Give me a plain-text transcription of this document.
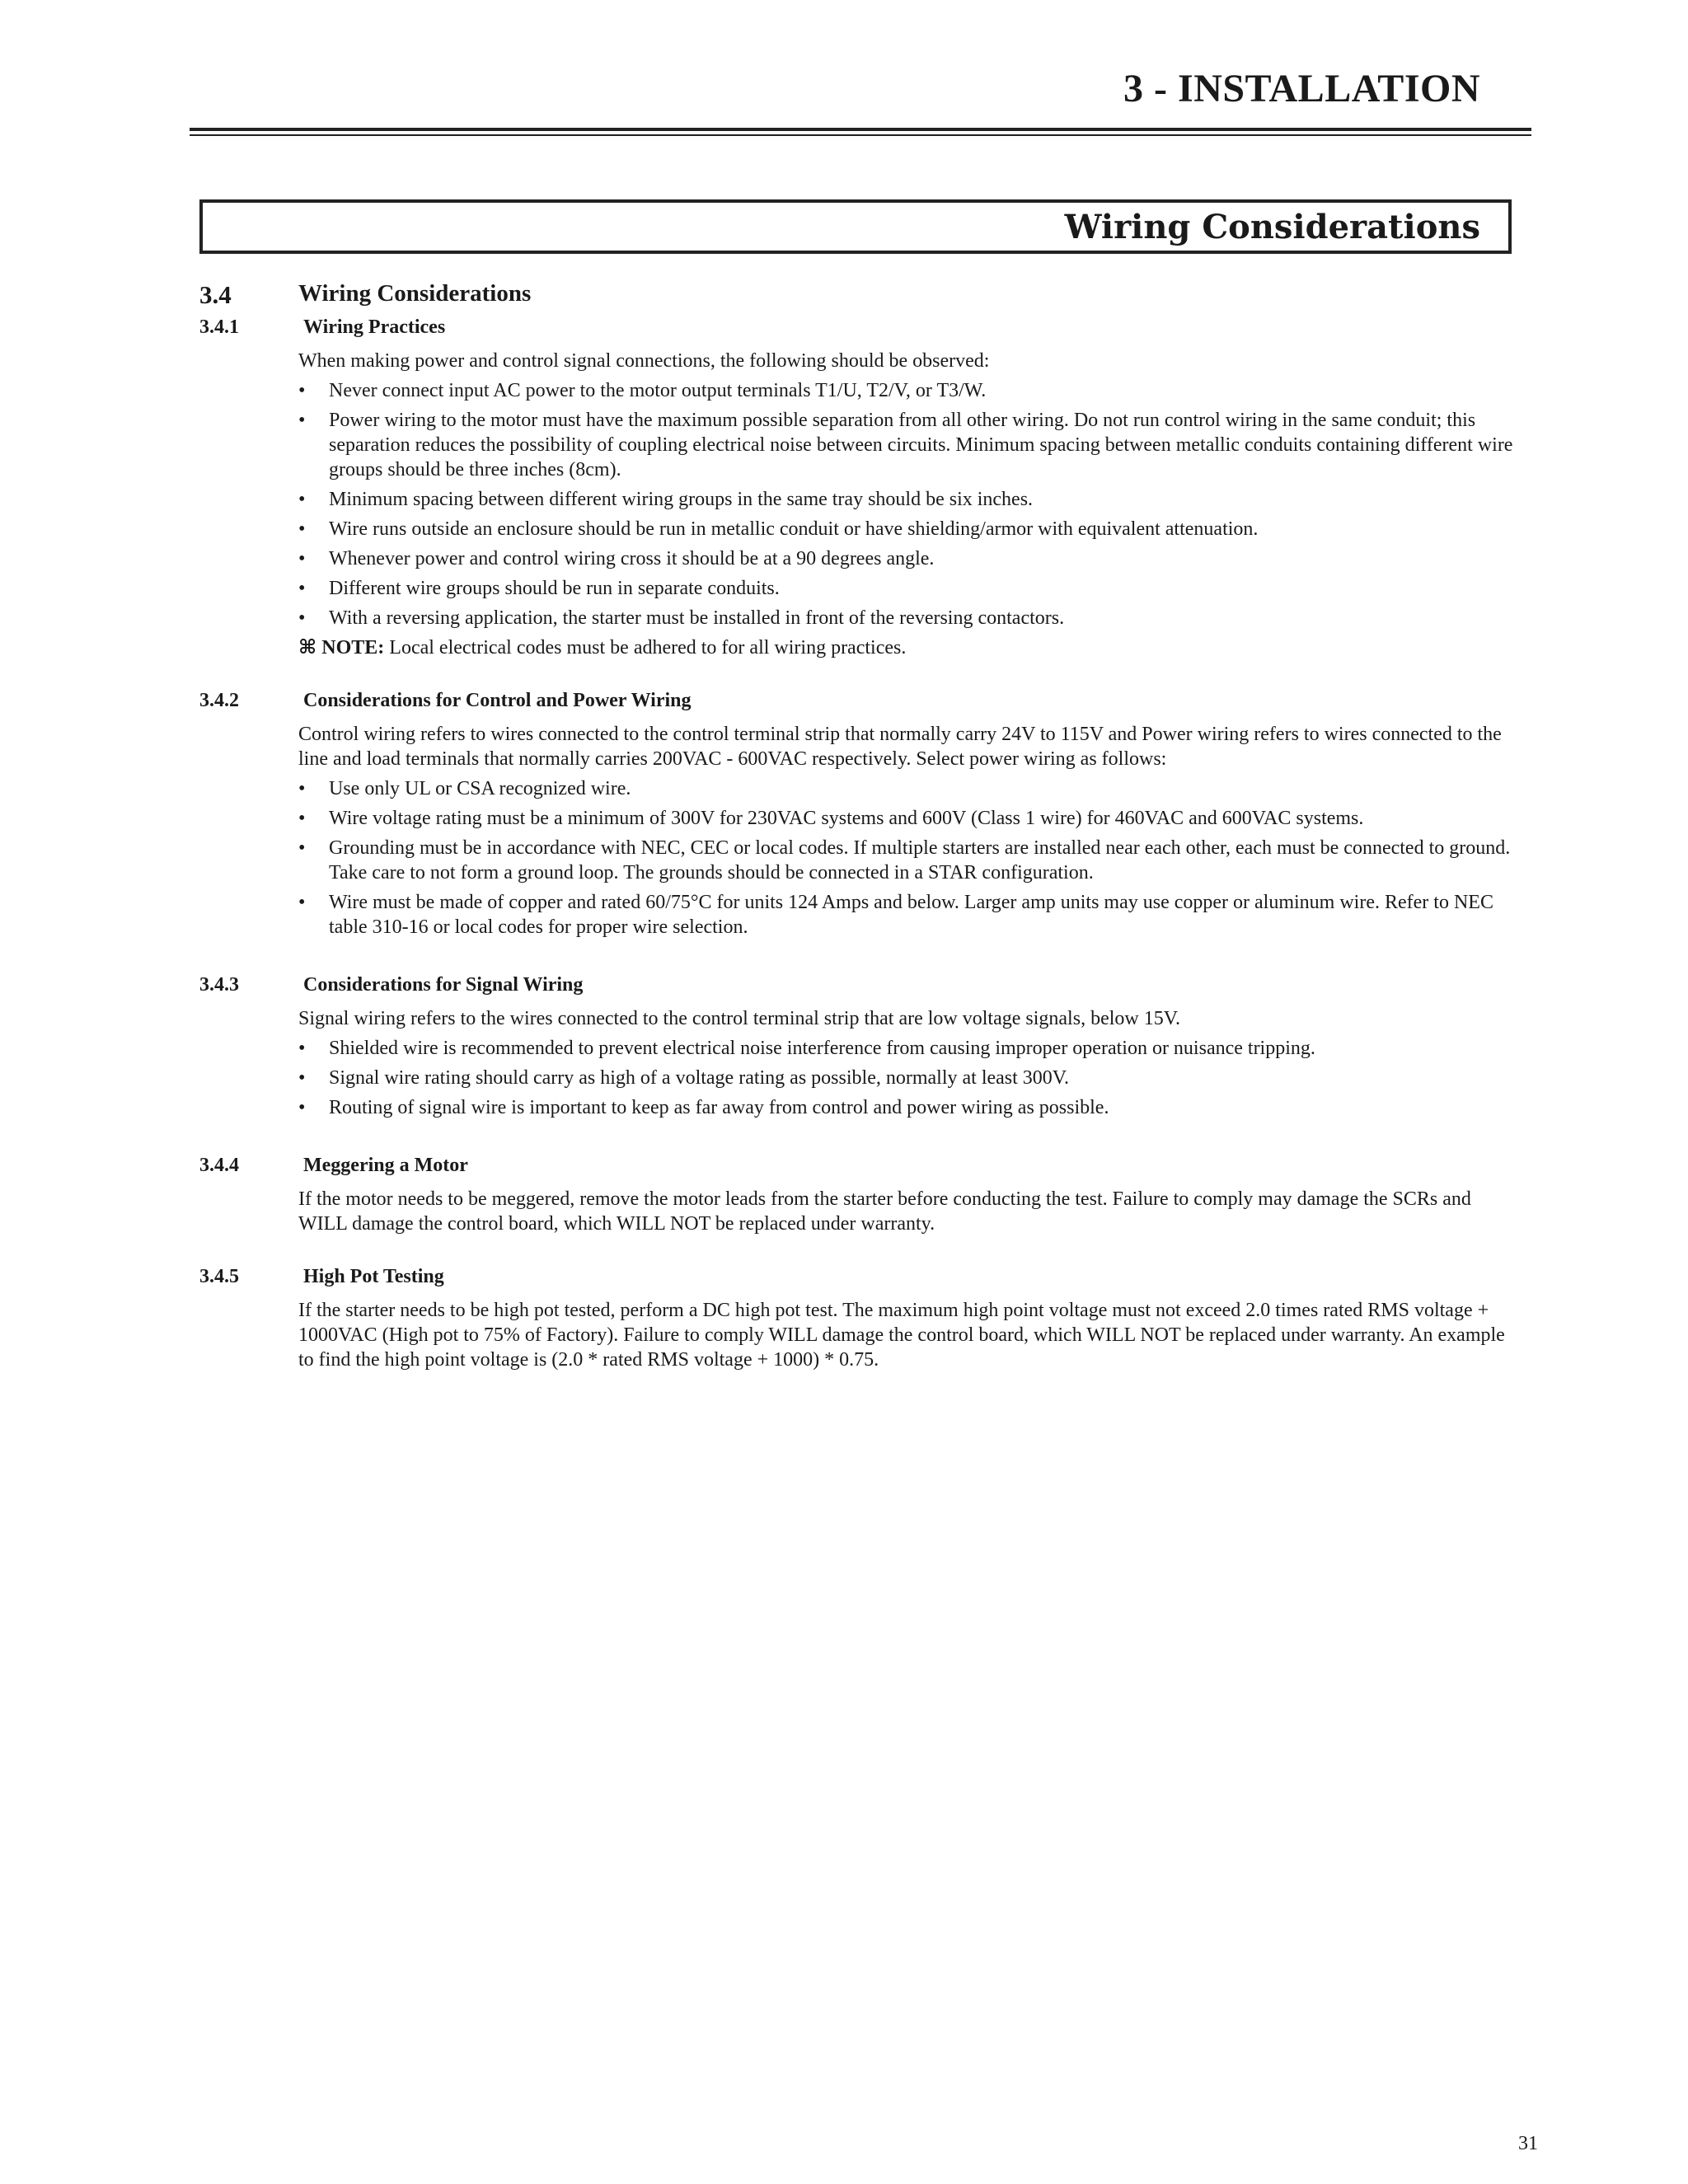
3 - INSTALLATION
Wiring Considerations
3.4	Wiring Considerations
3.4.1	Wiring Practices

When making power and control signal connections, the following should be observed:

• Never connect input AC power to the motor output terminals T1/U, T2/V, or T3/W.
• Power wiring to the motor must have the maximum possible separation from all other wiring. Do not run control wiring in the same conduit; this separation reduces the possibility of coupling electrical noise between circuits. Minimum spacing between metallic conduits containing different wire groups should be three inches (8cm).
• Minimum spacing between different wiring groups in the same tray should be six inches.
• Wire runs outside an enclosure should be run in metallic conduit or have shielding/armor with equivalent attenuation.
• Whenever power and control wiring cross it should be at a 90 degrees angle.
• Different wire groups should be run in separate conduits.
• With a reversing application, the starter must be installed in front of the reversing contactors.

⌘ NOTE: Local electrical codes must be adhered to for all wiring practices.

3.4.2	Considerations for Control and Power Wiring

Control wiring refers to wires connected to the control terminal strip that normally carry 24V to 115V and Power wiring refers to wires connected to the line and load terminals that normally carries 200VAC - 600VAC respectively. Select power wiring as follows:

• Use only UL or CSA recognized wire.
• Wire voltage rating must be a minimum of 300V for 230VAC systems and 600V (Class 1 wire) for 460VAC and 600VAC systems.
• Grounding must be in accordance with NEC, CEC or local codes. If multiple starters are installed near each other, each must be connected to ground. Take care to not form a ground loop. The grounds should be connected in a STAR configuration.
• Wire must be made of copper and rated 60/75°C for units 124 Amps and below. Larger amp units may use copper or aluminum wire. Refer to NEC table 310-16 or local codes for proper wire selection.
3.4.3	Considerations for Signal Wiring

Signal wiring refers to the wires connected to the control terminal strip that are low voltage signals, below 15V.

• Shielded wire is recommended to prevent electrical noise interference from causing improper operation or nuisance tripping.
• Signal wire rating should carry as high of a voltage rating as possible, normally at least 300V.
• Routing of signal wire is important to keep as far away from control and power wiring as possible.
3.4.4	Meggering a Motor

If the motor needs to be meggered, remove the motor leads from the starter before conducting the test. Failure to comply may damage the SCRs and WILL damage the control board, which WILL NOT be replaced under warranty.

3.4.5	High Pot Testing

If the starter needs to be high pot tested, perform a DC high pot test. The maximum high point voltage must not exceed 2.0 times rated RMS voltage + 1000VAC (High pot to 75% of Factory). Failure to comply WILL damage the control board, which WILL NOT be replaced under warranty. An example to find the high point voltage is (2.0 * rated RMS voltage + 1000) * 0.75.

31
